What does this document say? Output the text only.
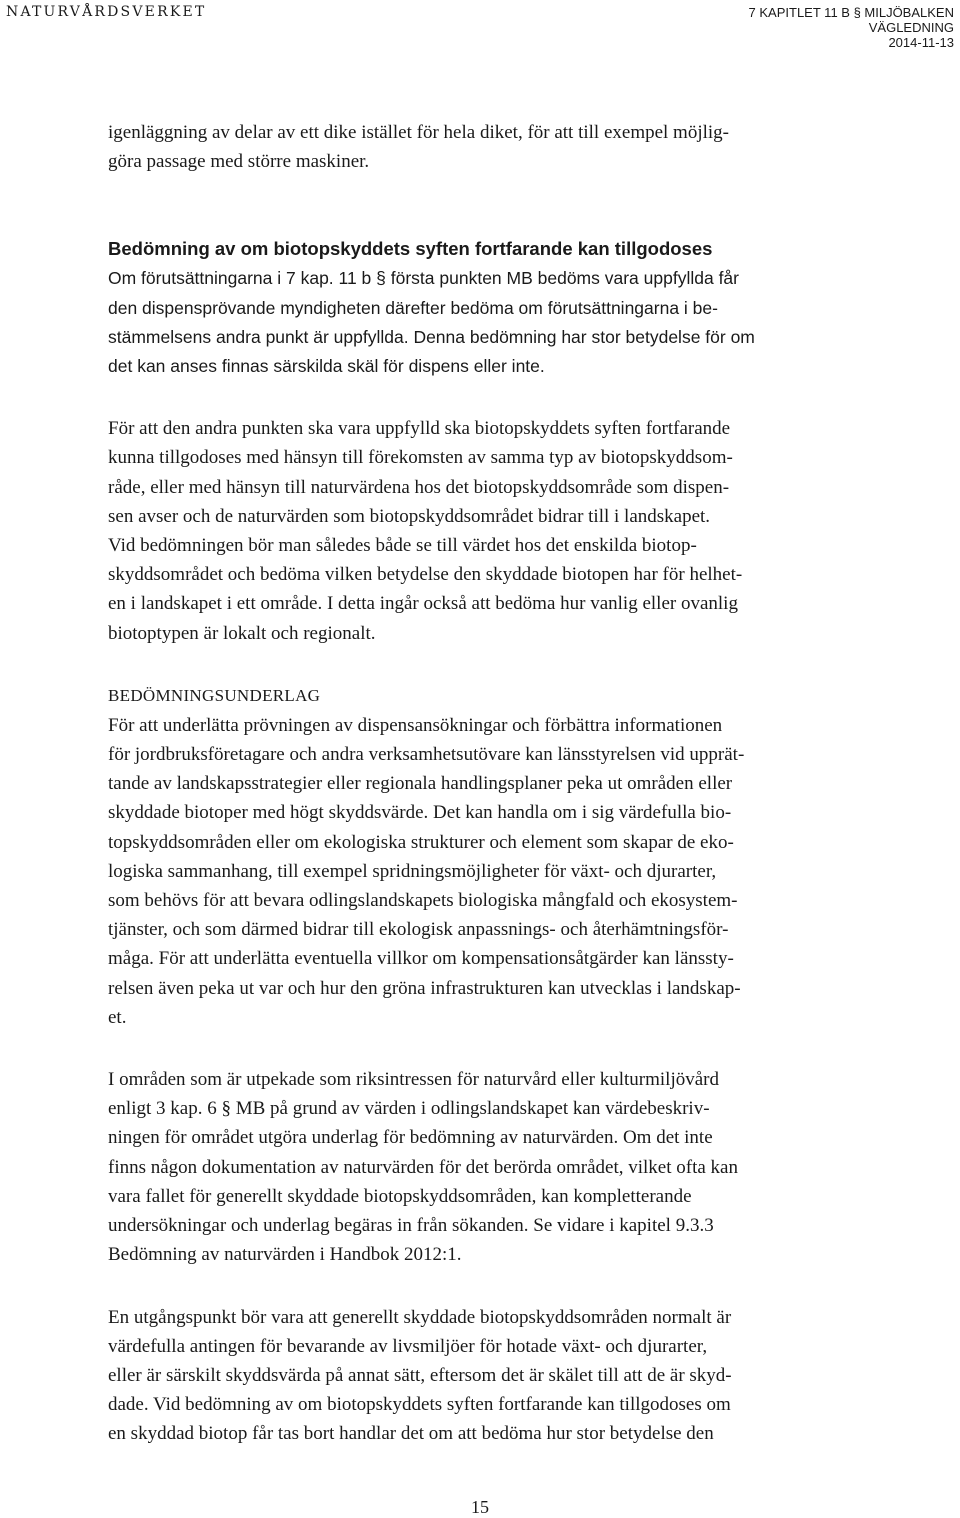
NATURVÅRDSVERKET	7 KAPITLET 11 B § MILJÖBALKEN
VÄGLEDNING
2014-11-13
igenläggning av delar av ett dike istället för hela diket, för att till exempel möjlig-
göra passage med större maskiner.
Bedömning av om biotopskyddets syften fortfarande kan tillgodoses
Om förutsättningarna i 7 kap. 11 b § första punkten MB bedöms vara uppfyllda får
den dispensprövande myndigheten därefter bedöma om förutsättningarna i be-
stämmelsens andra punkt är uppfyllda. Denna bedömning har stor betydelse för om
det kan anses finnas särskilda skäl för dispens eller inte.
För att den andra punkten ska vara uppfylld ska biotopskyddets syften fortfarande
kunna tillgodoses med hänsyn till förekomsten av samma typ av biotopskyddsom-
råde, eller med hänsyn till naturvärdena hos det biotopskyddsområde som dispen-
sen avser och de naturvärden som biotopskyddsområdet bidrar till i landskapet.
Vid bedömningen bör man således både se till värdet hos det enskilda biotop-
skyddsområdet och bedöma vilken betydelse den skyddade biotopen har för helhet-
en i landskapet i ett område. I detta ingår också att bedöma hur vanlig eller ovanlig
biotoptypen är lokalt och regionalt.
BEDÖMNINGSUNDERLAG
För att underlätta prövningen av dispensansökningar och förbättra informationen
för jordbruksföretagare och andra verksamhetsutövare kan länsstyrelsen vid upprät-
tande av landskapsstrategier eller regionala handlingsplaner peka ut områden eller
skyddade biotoper med högt skyddsvärde. Det kan handla om i sig värdefulla bio-
topskyddsområden eller om ekologiska strukturer och element som skapar de eko-
logiska sammanhang, till exempel spridningsmöjligheter för växt- och djurarter,
som behövs för att bevara odlingslandskapets biologiska mångfald och ekosystem-
tjänster, och som därmed bidrar till ekologisk anpassnings- och återhämtningsför-
måga. För att underlätta eventuella villkor om kompensationsåtgärder kan länssty-
relsen även peka ut var och hur den gröna infrastrukturen kan utvecklas i landskap-
et.
I områden som är utpekade som riksintressen för naturvård eller kulturmiljövård
enligt 3 kap. 6 § MB på grund av värden i odlingslandskapet kan värdebeskriv-
ningen för området utgöra underlag för bedömning av naturvärden. Om det inte
finns någon dokumentation av naturvärden för det berörda området, vilket ofta kan
vara fallet för generellt skyddade biotopskyddsområden, kan kompletterande
undersökningar och underlag begäras in från sökanden. Se vidare i kapitel 9.3.3
Bedömning av naturvärden i Handbok 2012:1.
En utgångspunkt bör vara att generellt skyddade biotopskyddsområden normalt är
värdefulla antingen för bevarande av livsmiljöer för hotade växt- och djurarter,
eller är särskilt skyddsvärda på annat sätt, eftersom det är skälet till att de är skyd-
dade. Vid bedömning av om biotopskyddets syften fortfarande kan tillgodoses om
en skyddad biotop får tas bort handlar det om att bedöma hur stor betydelse den
15
